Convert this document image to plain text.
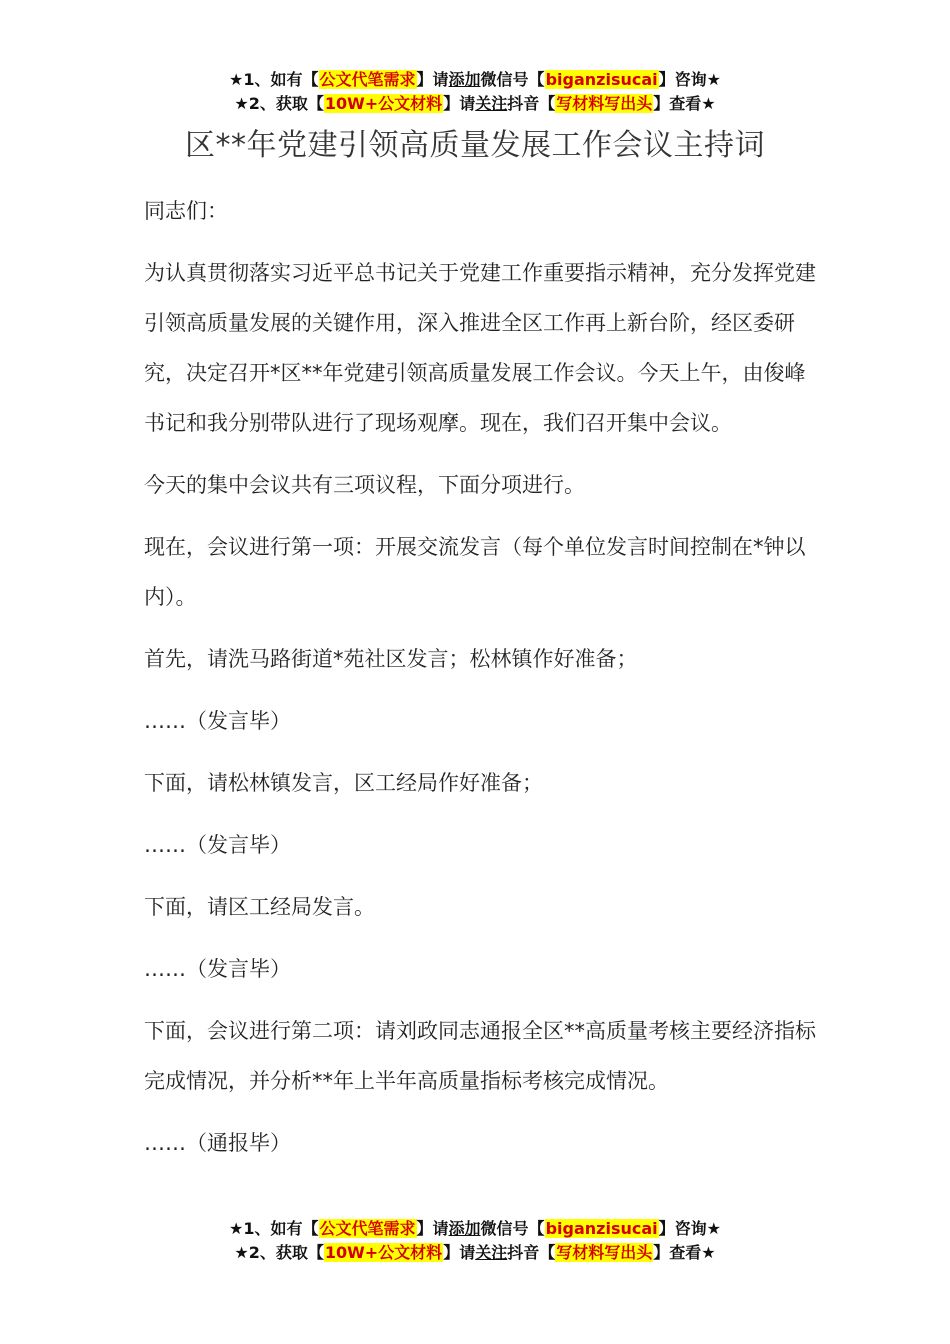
★1、如有【公文代笔需求】请添加微信号【biganzisucai】咨询★
★2、获取【10W+公文材料】请关注抖音【写材料写出头】查看★
区**年党建引领高质量发展工作会议主持词

同志们：

为认真贯彻落实习近平总书记关于党建工作重要指示精神，充分发挥党建引领高质量发展的关键作用，深入推进全区工作再上新台阶，经区委研究，决定召开*区**年党建引领高质量发展工作会议。今天上午，由俊峰书记和我分别带队进行了现场观摩。现在，我们召开集中会议。

今天的集中会议共有三项议程，下面分项进行。

现在，会议进行第一项：开展交流发言（每个单位发言时间控制在*钟以内）。

首先，请洗马路街道*苑社区发言；松林镇作好准备；

……（发言毕）

下面，请松林镇发言，区工经局作好准备；

……（发言毕）

下面，请区工经局发言。

……（发言毕）

下面，会议进行第二项：请刘政同志通报全区**高质量考核主要经济指标完成情况，并分析**年上半年高质量指标考核完成情况。

……（通报毕）

★1、如有【公文代笔需求】请添加微信号【biganzisucai】咨询★
★2、获取【10W+公文材料】请关注抖音【写材料写出头】查看★
